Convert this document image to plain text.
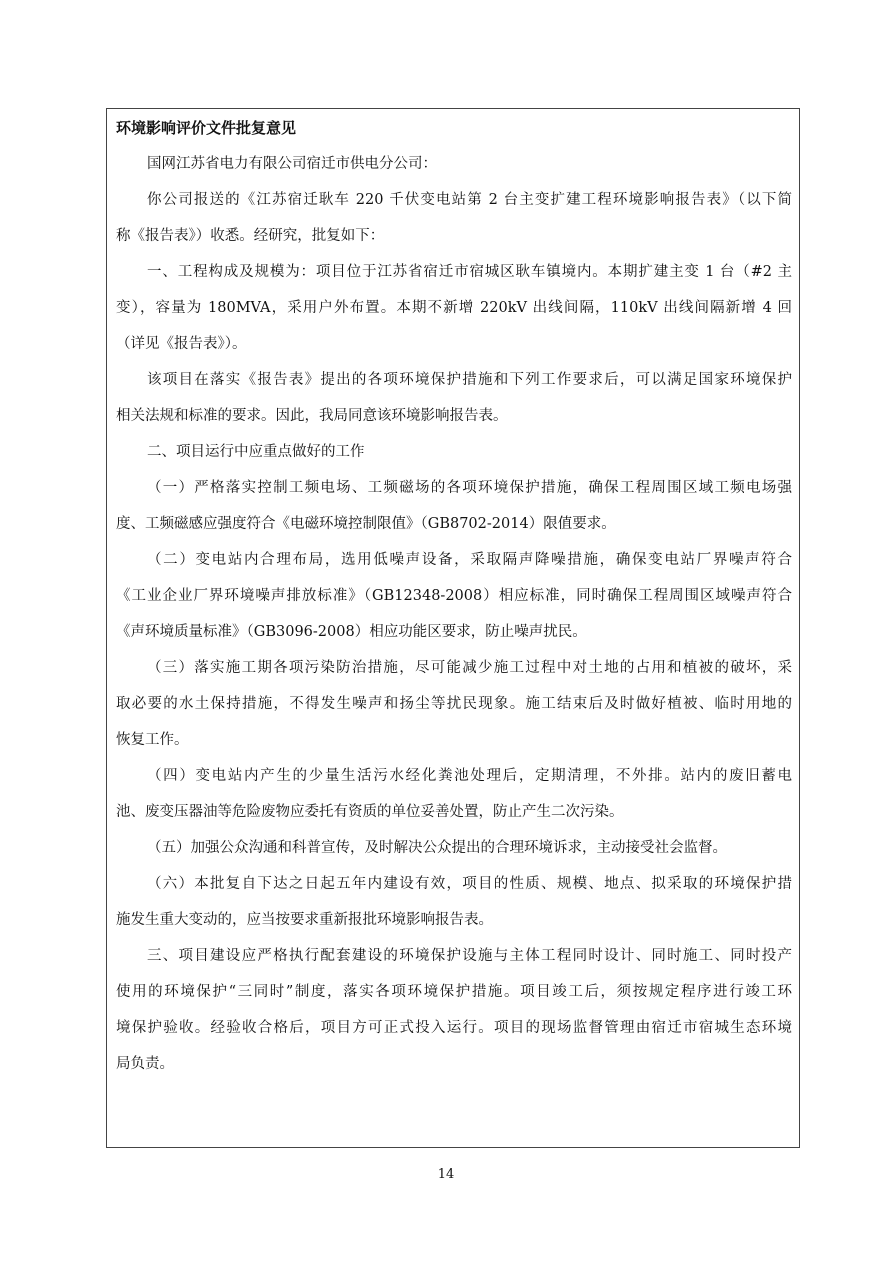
环境影响评价文件批复意见
国网江苏省电力有限公司宿迁市供电分公司：
你公司报送的《江苏宿迁耿车 220 千伏变电站第 2 台主变扩建工程环境影响报告表》（以下简
称《报告表》）收悉。经研究，批复如下：
一、工程构成及规模为：项目位于江苏省宿迁市宿城区耿车镇境内。本期扩建主变 1 台（#2 主
变），容量为 180MVA，采用户外布置。本期不新增 220kV 出线间隔，110kV 出线间隔新增 4 回
（详见《报告表》）。
该项目在落实《报告表》提出的各项环境保护措施和下列工作要求后，可以满足国家环境保护
相关法规和标准的要求。因此，我局同意该环境影响报告表。
二、项目运行中应重点做好的工作
（一）严格落实控制工频电场、工频磁场的各项环境保护措施，确保工程周围区域工频电场强
度、工频磁感应强度符合《电磁环境控制限值》（GB8702-2014）限值要求。
（二）变电站内合理布局，选用低噪声设备，采取隔声降噪措施，确保变电站厂界噪声符合
《工业企业厂界环境噪声排放标准》（GB12348-2008）相应标准，同时确保工程周围区域噪声符合
《声环境质量标准》（GB3096-2008）相应功能区要求，防止噪声扰民。
（三）落实施工期各项污染防治措施，尽可能减少施工过程中对土地的占用和植被的破坏，采
取必要的水土保持措施，不得发生噪声和扬尘等扰民现象。施工结束后及时做好植被、临时用地的
恢复工作。
（四）变电站内产生的少量生活污水经化粪池处理后，定期清理，不外排。站内的废旧蓄电
池、废变压器油等危险废物应委托有资质的单位妥善处置，防止产生二次污染。
（五）加强公众沟通和科普宣传，及时解决公众提出的合理环境诉求，主动接受社会监督。
（六）本批复自下达之日起五年内建设有效，项目的性质、规模、地点、拟采取的环境保护措
施发生重大变动的，应当按要求重新报批环境影响报告表。
三、项目建设应严格执行配套建设的环境保护设施与主体工程同时设计、同时施工、同时投产
使用的环境保护“三同时”制度，落实各项环境保护措施。项目竣工后，须按规定程序进行竣工环
境保护验收。经验收合格后，项目方可正式投入运行。项目的现场监督管理由宿迁市宿城生态环境
局负责。
14
